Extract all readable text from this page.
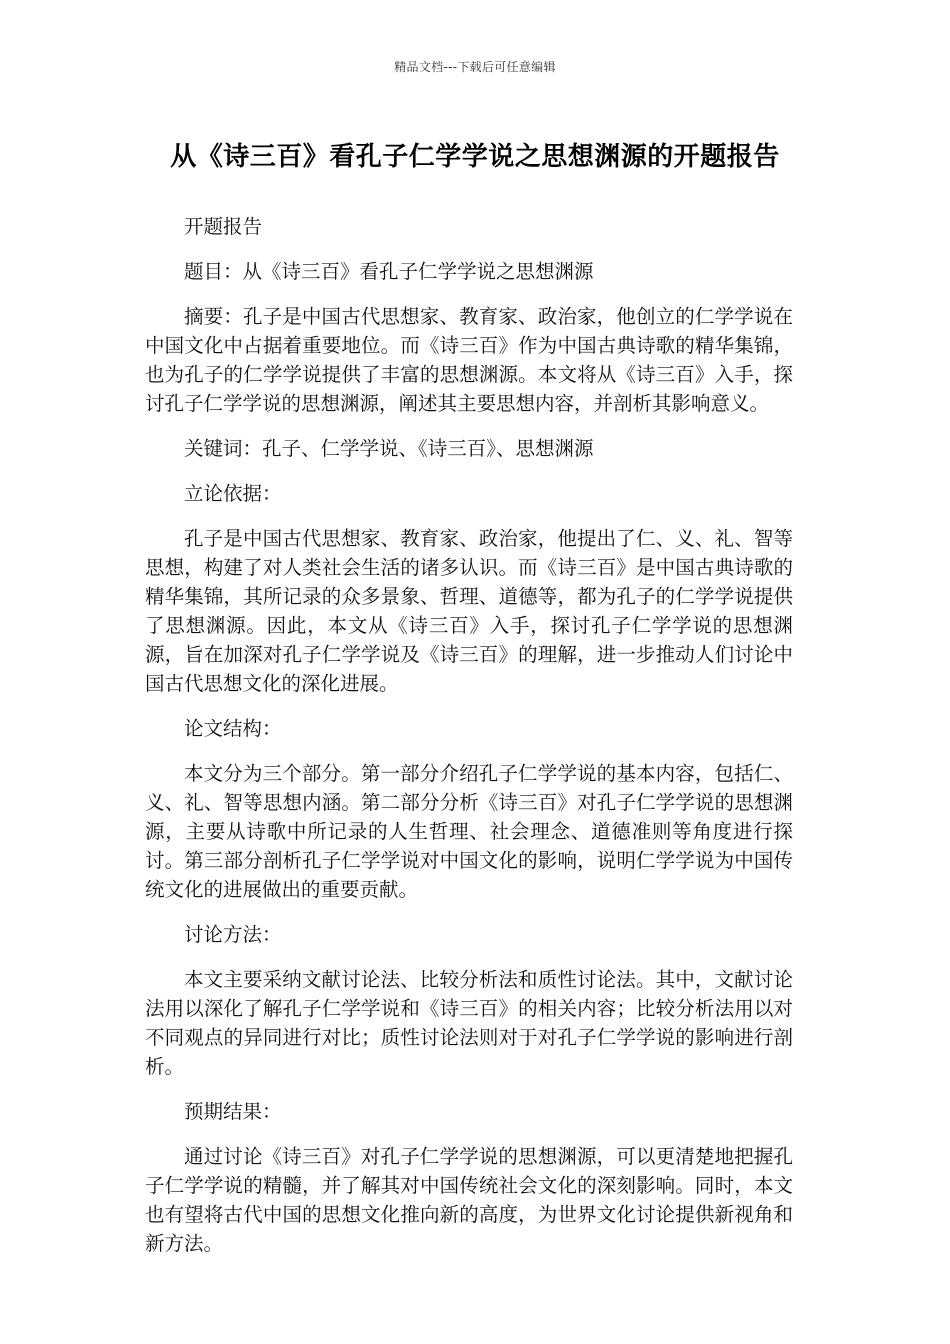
精品文档---下载后可任意编辑
从《诗三百》看孔子仁学学说之思想渊源的开题报告

开题报告

题目：从《诗三百》看孔子仁学学说之思想渊源

摘要：孔子是中国古代思想家、教育家、政治家，他创立的仁学学说在中国文化中占据着重要地位。而《诗三百》作为中国古典诗歌的精华集锦，也为孔子的仁学学说提供了丰富的思想渊源。本文将从《诗三百》入手，探讨孔子仁学学说的思想渊源，阐述其主要思想内容，并剖析其影响意义。

关键词：孔子、仁学学说、《诗三百》、思想渊源

立论依据：

孔子是中国古代思想家、教育家、政治家，他提出了仁、义、礼、智等思想，构建了对人类社会生活的诸多认识。而《诗三百》是中国古典诗歌的精华集锦，其所记录的众多景象、哲理、道德等，都为孔子的仁学学说提供了思想渊源。因此，本文从《诗三百》入手，探讨孔子仁学学说的思想渊源，旨在加深对孔子仁学学说及《诗三百》的理解，进一步推动人们讨论中国古代思想文化的深化进展。

论文结构：

本文分为三个部分。第一部分介绍孔子仁学学说的基本内容，包括仁、义、礼、智等思想内涵。第二部分分析《诗三百》对孔子仁学学说的思想渊源，主要从诗歌中所记录的人生哲理、社会理念、道德准则等角度进行探讨。第三部分剖析孔子仁学学说对中国文化的影响，说明仁学学说为中国传统文化的进展做出的重要贡献。

讨论方法：

本文主要采纳文献讨论法、比较分析法和质性讨论法。其中，文献讨论法用以深化了解孔子仁学学说和《诗三百》的相关内容；比较分析法用以对不同观点的异同进行对比；质性讨论法则对于对孔子仁学学说的影响进行剖析。

预期结果：

通过讨论《诗三百》对孔子仁学学说的思想渊源，可以更清楚地把握孔子仁学学说的精髓，并了解其对中国传统社会文化的深刻影响。同时，本文也有望将古代中国的思想文化推向新的高度，为世界文化讨论提供新视角和新方法。
